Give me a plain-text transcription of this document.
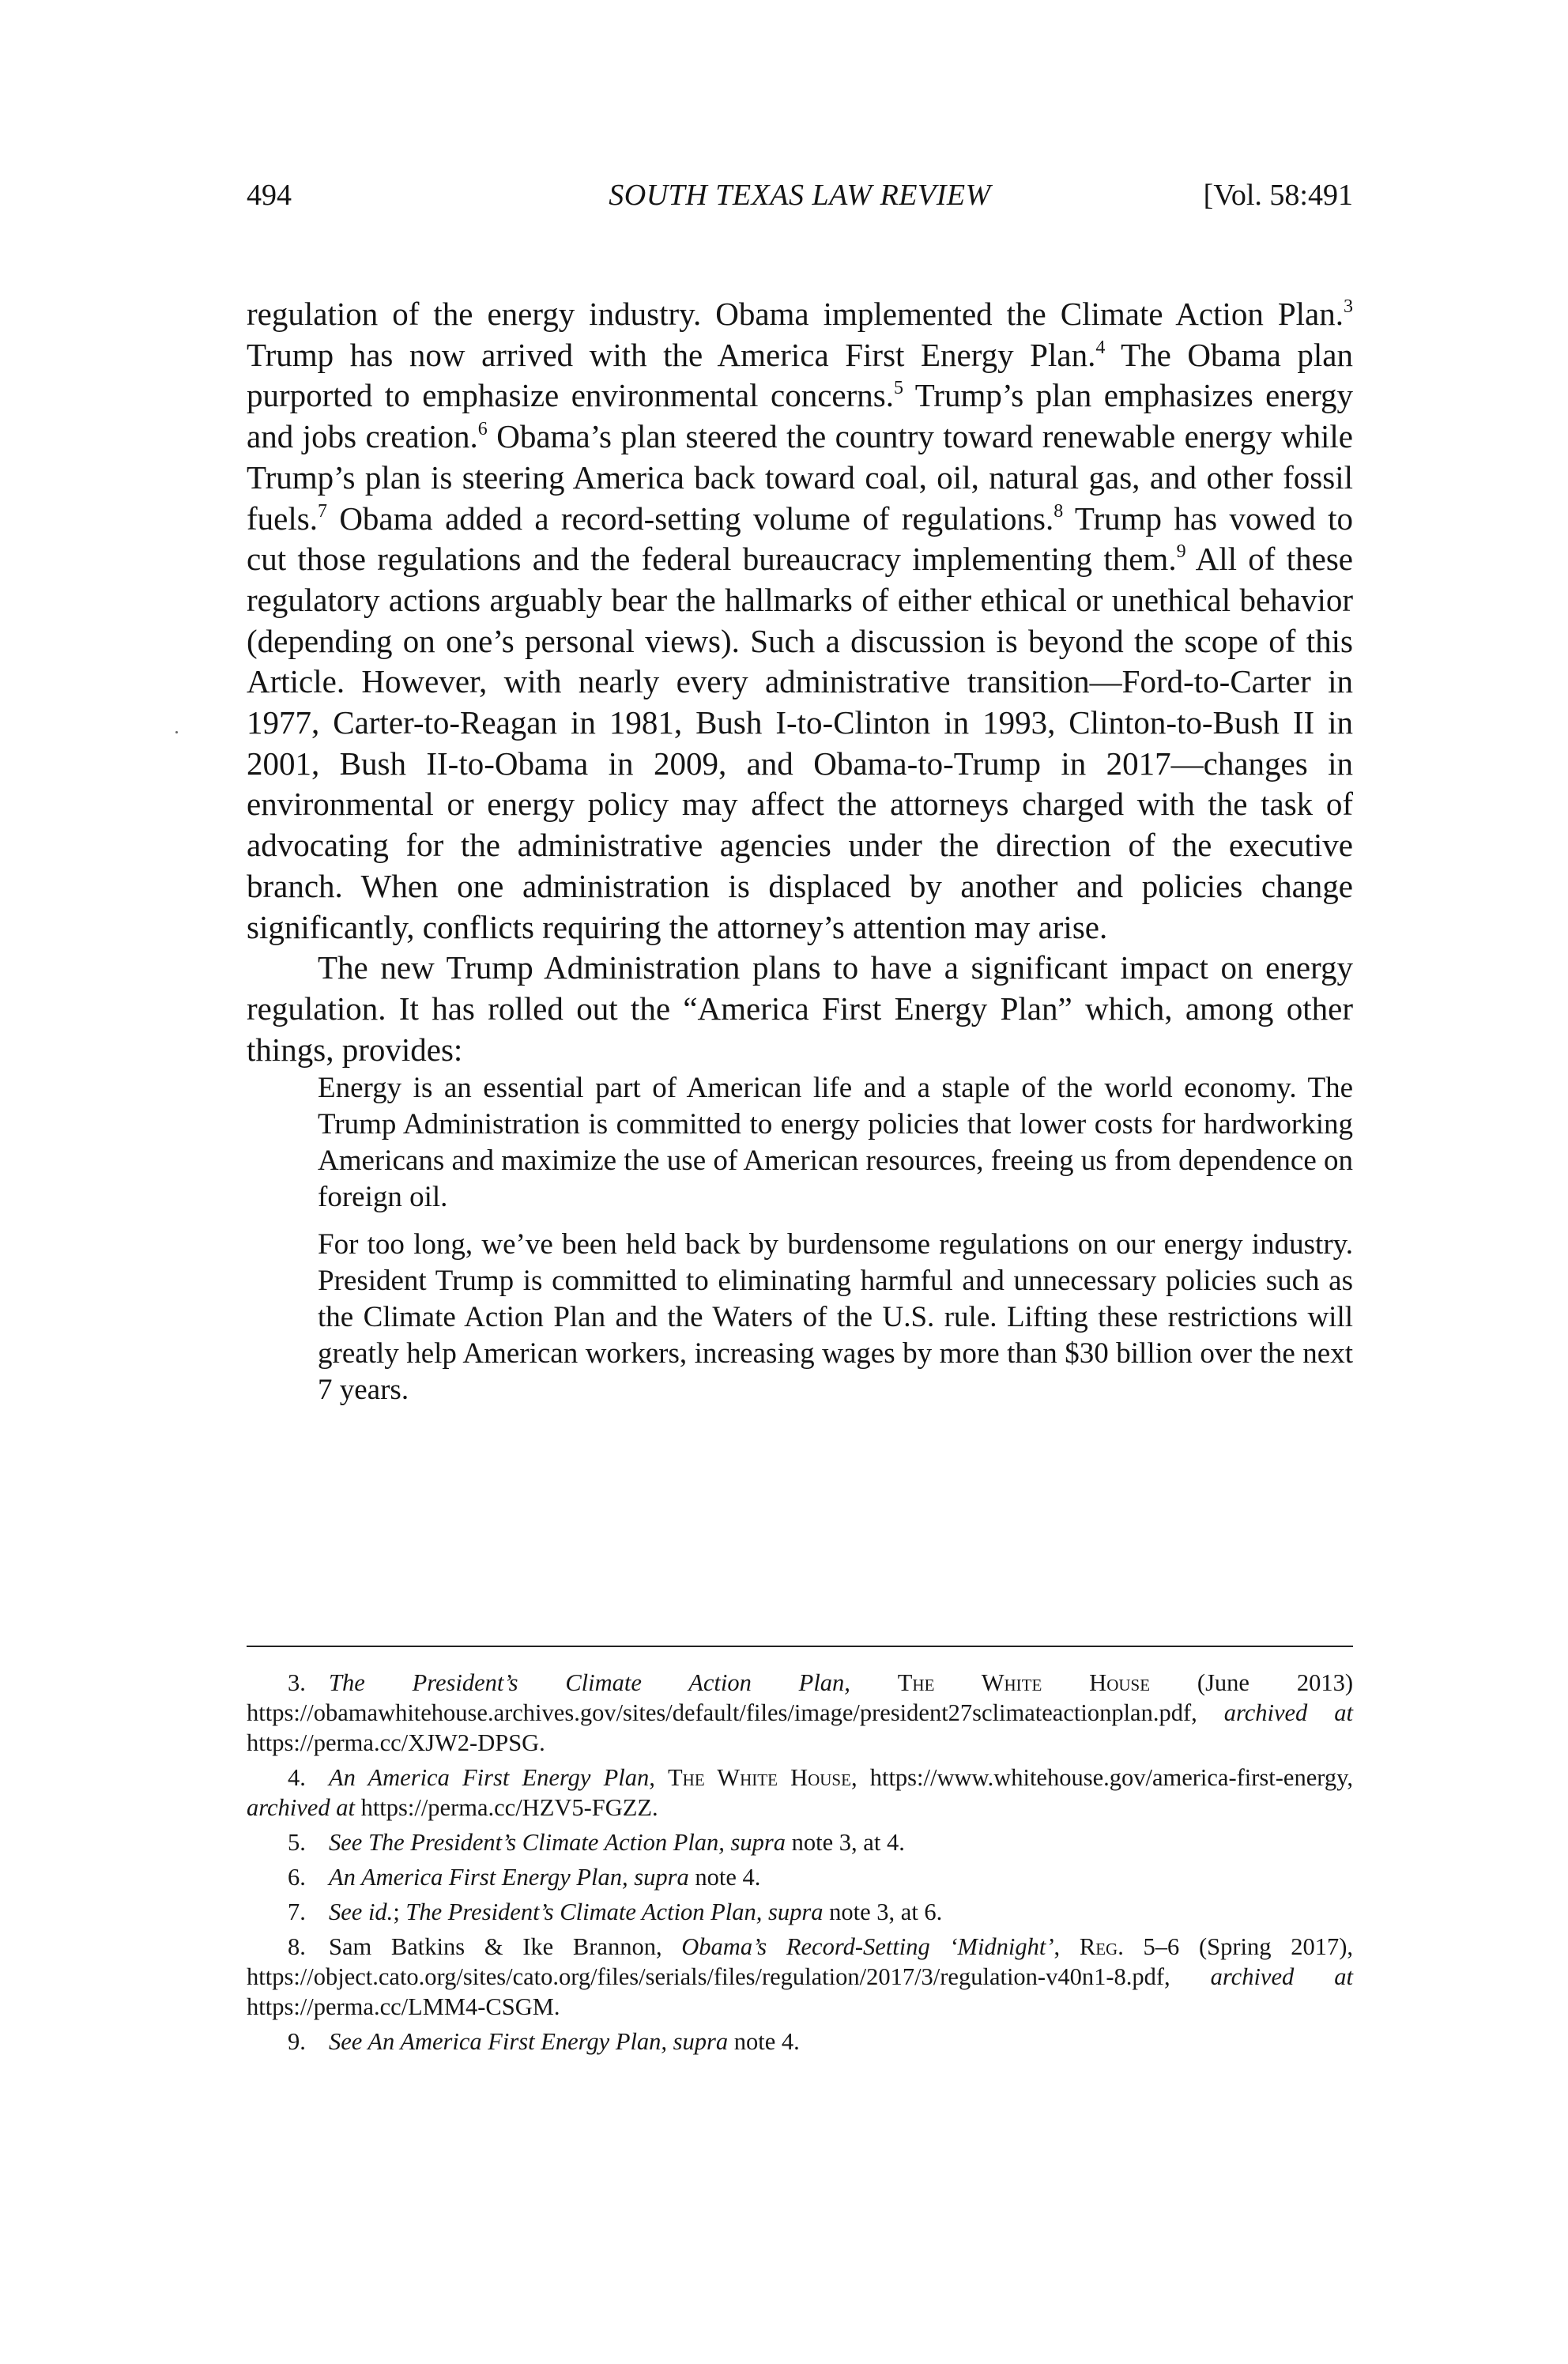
494	SOUTH TEXAS LAW REVIEW	[Vol. 58:491

regulation of the energy industry. Obama implemented the Climate Action Plan.$^3$ Trump has now arrived with the America First Energy Plan.$^4$ The Obama plan purported to emphasize environmental concerns.$^5$ Trump’s plan emphasizes energy and jobs creation.$^6$ Obama’s plan steered the country toward renewable energy while Trump’s plan is steering America back toward coal, oil, natural gas, and other fossil fuels.$^7$ Obama added a record-setting volume of regulations.$^8$ Trump has vowed to cut those regulations and the federal bureaucracy implementing them.$^9$ All of these regulatory actions arguably bear the hallmarks of either ethical or unethical behavior (depending on one’s personal views). Such a discussion is beyond the scope of this Article. However, with nearly every administrative transition—Ford-to-Carter in 1977, Carter-to-Reagan in 1981, Bush I-to-Clinton in 1993, Clinton-to-Bush II in 2001, Bush II-to-Obama in 2009, and Obama-to-Trump in 2017—changes in environmental or energy policy may affect the attorneys charged with the task of advocating for the administrative agencies under the direction of the executive branch. When one administration is displaced by another and policies change significantly, conflicts requiring the attorney’s attention may arise.

The new Trump Administration plans to have a significant impact on energy regulation. It has rolled out the “America First Energy Plan” which, among other things, provides:

Energy is an essential part of American life and a staple of the world economy. The Trump Administration is committed to energy policies that lower costs for hardworking Americans and maximize the use of American resources, freeing us from dependence on foreign oil.

For too long, we’ve been held back by burdensome regulations on our energy industry. President Trump is committed to eliminating harmful and unnecessary policies such as the Climate Action Plan and the Waters of the U.S. rule. Lifting these restrictions will greatly help American workers, increasing wages by more than $30 billion over the next 7 years.

3. The President’s Climate Action Plan, The White House (June 2013) https://obamawhitehouse.archives.gov/sites/default/files/image/president27sclimateactionplan.pdf, archived at https://perma.cc/XJW2-DPSG.

4. An America First Energy Plan, The White House, https://www.whitehouse.gov/america-first-energy, archived at https://perma.cc/HZV5-FGZZ.

5. See The President’s Climate Action Plan, supra note 3, at 4.

6. An America First Energy Plan, supra note 4.

7. See id.; The President’s Climate Action Plan, supra note 3, at 6.

8. Sam Batkins & Ike Brannon, Obama’s Record-Setting ‘Midnight’, Reg. 5–6 (Spring 2017), https://object.cato.org/sites/cato.org/files/serials/files/regulation/2017/3/regulation-v40n1-8.pdf, archived at https://perma.cc/LMM4-CSGM.

9. See An America First Energy Plan, supra note 4.
